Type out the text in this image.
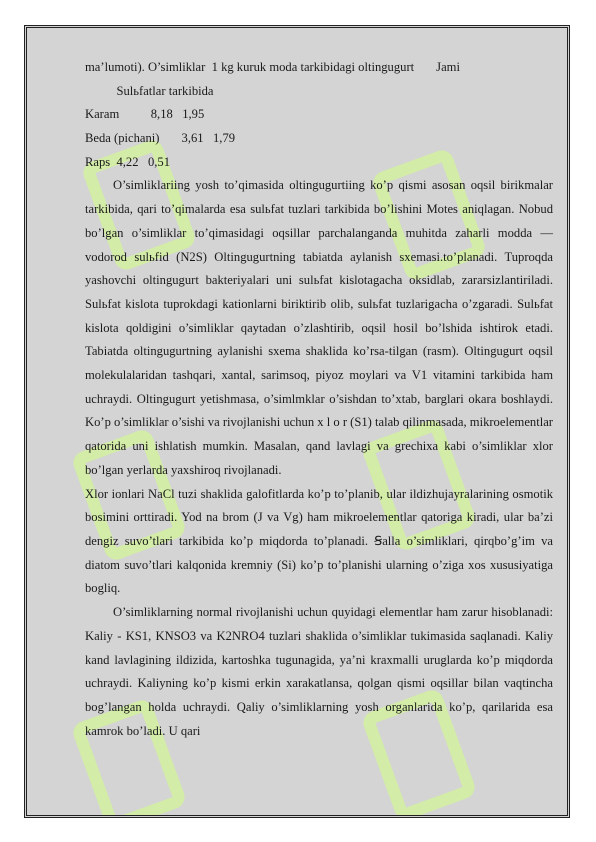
ma’lumoti). O’simliklar  1 kg kuruk moda tarkibidagi oltingugurt       Jami
Sulьfatlar tarkibida
Karam          8,18   1,95
Beda (pichani)       3,61   1,79
Raps  4,22   0,51

O’simliklariing yosh to’qimasida oltingugurtiing ko’p qismi asosan oqsil birikmalar tarkibida, qari to’qimalarda esa sulьfat tuzlari tarkibida bo’lishini Motes aniqlagan. Nobud bo’lgan o’simliklar to’qimasidagi oqsillar parchalanganda muhitda zaharli modda — vodorod sulьfid (N2S) Oltingugurtning tabiatda aylanish sxemasi.to’planadi. Tuproqda yashovchi oltingugurt bakteriyalari uni sulьfat kislotagacha oksidlab, zararsizlantiriladi. Sulьfat kislota tuprokdagi kationlarni biriktirib olib, sulьfat tuzlarigacha o’zgaradi. Sulьfat kislota qoldigini o’simliklar qaytadan o’zlashtirib, oqsil hosil bo’lshida ishtirok etadi. Tabiatda oltingugurtning aylanishi sxema shaklida ko’rsa-tilgan (rasm). Oltingugurt oqsil molekulalaridan tashqari, xantal, sarimsoq, piyoz moylari va V1 vitamini tarkibida ham uchraydi. Oltingugurt yetishmasa, o’simlmklar o’sishdan to’xtab, barglari okara boshlaydi. Ko’p o’simliklar o’sishi va rivojlanishi uchun x l o r (S1) talab qilinmasada, mikroelementlar qatorida uni ishlatish mumkin. Masalan, qand lavlagi va grechixa kabi o’simliklar xlor bo’lgan yerlarda yaxshiroq rivojlanadi.

Xlor ionlari NaCl tuzi shaklida galofitlarda ko’p to’planib, ular ildizhujayralarining osmotik bosimini orttiradi. Yod na brom (J va Vg) ham mikroelementlar qatoriga kiradi, ular ba’zi dengiz suvo’tlari tarkibida ko’p miqdorda to’planadi. Ꞩalla o’simliklari, qirqbo’g’im va diatom suvo’tlari kalqonida kremniy (Si) ko’p to’planishi ularning o’ziga xos xususiyatiga bogliq.

O’simliklarning normal rivojlanishi uchun quyidagi elementlar ham zarur hisoblanadi: Kaliy - KS1, KNSO3 va K2NRO4 tuzlari shaklida o’simliklar tukimasida saqlanadi. Kaliy kand lavlagining ildizida, kartoshka tugunagida, ya’ni kraxmalli uruglarda ko’p miqdorda uchraydi. Kaliyning ko’p kismi erkin xarakatlansa, qolgan qismi oqsillar bilan vaqtincha bog’langan holda uchraydi. Qaliy o’simliklarning yosh organlarida ko’p, qarilarida esa kamrok bo’ladi. U qari
